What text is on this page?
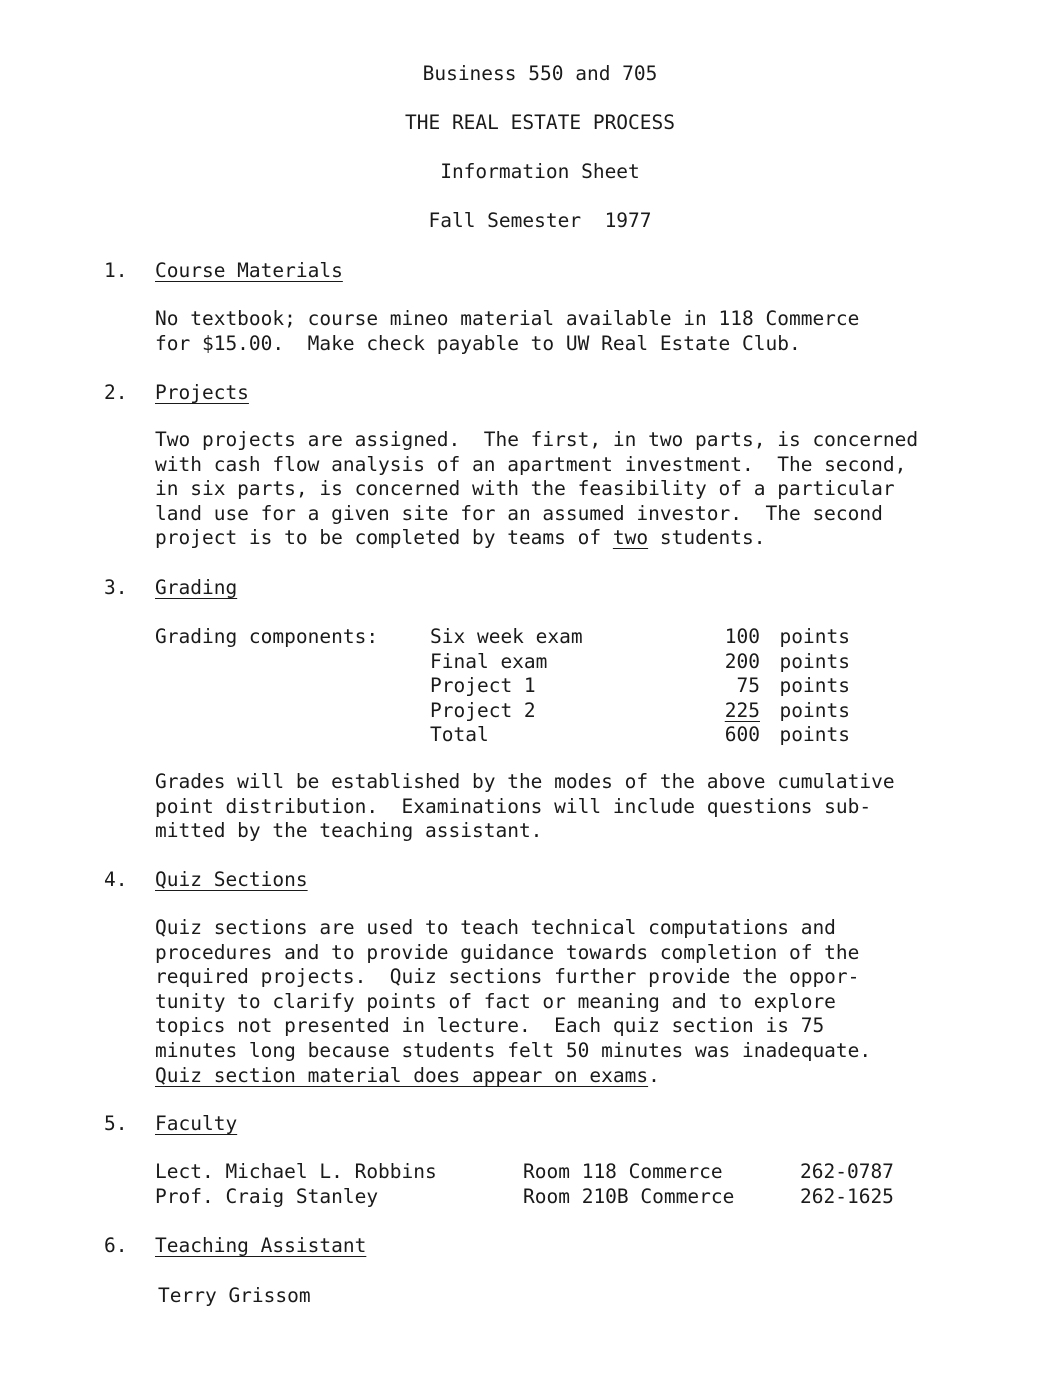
Business 550 and 705
THE REAL ESTATE PROCESS
Information Sheet
Fall Semester  1977
1. Course Materials
No textbook; course mineo material available in 118 Commerce
for $15.00.  Make check payable to UW Real Estate Club.
2. Projects
Two projects are assigned.  The first, in two parts, is concerned
with cash flow analysis of an apartment investment.  The second,
in six parts, is concerned with the feasibility of a particular
land use for a given site for an assumed investor.  The second
project is to be completed by teams of two students.
3. Grading
Grading components:	Six week exam	100 points
Final exam	200 points
Project 1	75 points
Project 2	225 points
Total	600 points
Grades will be established by the modes of the above cumulative
point distribution.  Examinations will include questions sub-
mitted by the teaching assistant.
4. Quiz Sections
Quiz sections are used to teach technical computations and
procedures and to provide guidance towards completion of the
required projects.  Quiz sections further provide the oppor-
tunity to clarify points of fact or meaning and to explore
topics not presented in lecture.  Each quiz section is 75
minutes long because students felt 50 minutes was inadequate.
Quiz section material does appear on exams.
5. Faculty
Lect. Michael L. Robbins	Room 118 Commerce	262-0787
Prof. Craig Stanley	Room 210B Commerce	262-1625
6. Teaching Assistant
Terry Grissom
